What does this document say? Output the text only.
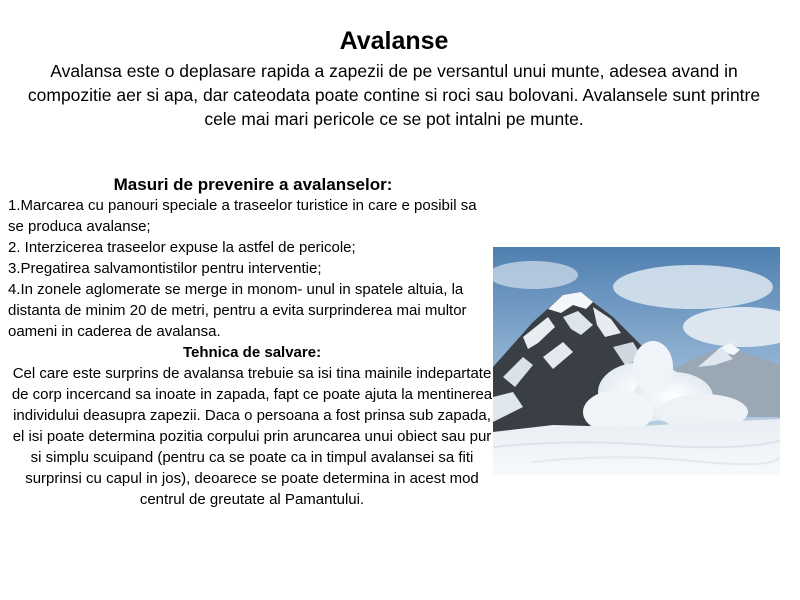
Avalanse

Avalansa este o deplasare rapida a zapezii de pe versantul unui munte, adesea avand in compozitie aer si apa, dar cateodata poate contine si roci sau bolovani. Avalansele sunt printre cele mai mari pericole ce se pot intalni pe munte.

Masuri de prevenire a avalanselor:

1.Marcarea cu panouri speciale a traseelor turistice in care e posibil sa se produca avalanse;
2. Interzicerea traseelor expuse la astfel de pericole;
3.Pregatirea salvamontistilor pentru interventie;
4.In zonele aglomerate se merge in monom- unul in spatele altuia, la distanta de minim 20 de metri, pentru a evita surprinderea mai multor oameni in caderea de avalansa.

Tehnica de salvare:

Cel care este surprins de avalansa trebuie sa isi tina mainile indepartate de corp incercand sa inoate in zapada, fapt ce poate ajuta la mentinerea individului deasupra zapezii. Daca o persoana a fost prinsa sub zapada, el isi poate determina pozitia corpului prin aruncarea unui obiect sau pur si simplu scuipand (pentru ca se poate ca in timpul avalansei sa fiti surprinsi cu capul in jos), deoarece se poate determina in acest mod centrul de greutate al Pamantului.
